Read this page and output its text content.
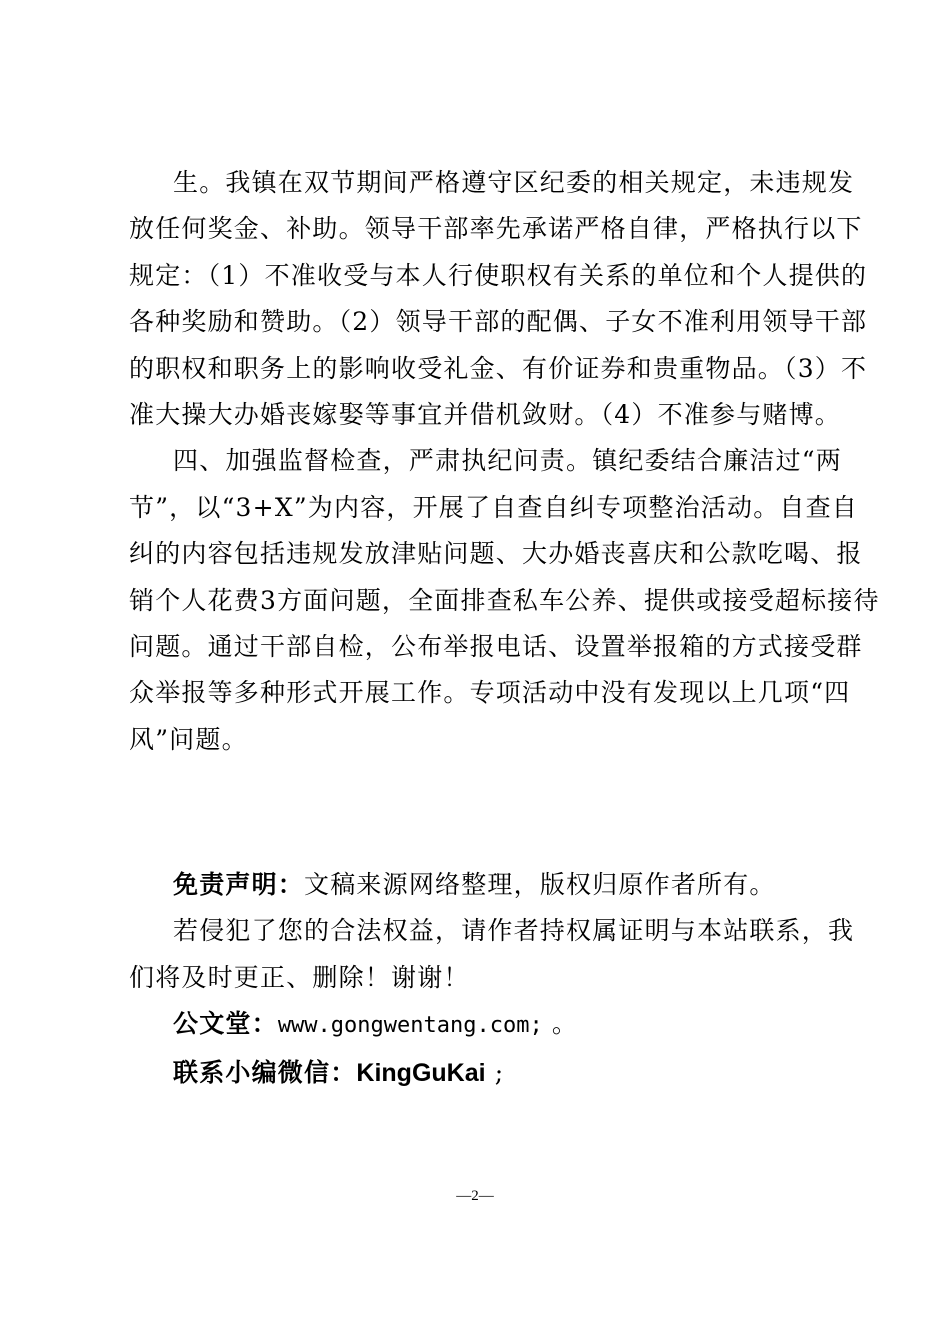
生。我镇在双节期间严格遵守区纪委的相关规定，未违规发
放任何奖金、补助。领导干部率先承诺严格自律，严格执行以下
规定：（1）不准收受与本人行使职权有关系的单位和个人提供的
各种奖励和赞助。（2）领导干部的配偶、子女不准利用领导干部
的职权和职务上的影响收受礼金、有价证券和贵重物品。（3）不
准大操大办婚丧嫁娶等事宜并借机敛财。（4）不准参与赌博。

四、加强监督检查，严肃执纪问责。镇纪委结合廉洁过“两
节”，以“3+X”为内容，开展了自查自纠专项整治活动。自查自
纠的内容包括违规发放津贴问题、大办婚丧喜庆和公款吃喝、报
销个人花费3方面问题，全面排查私车公养、提供或接受超标接待
问题。通过干部自检，公布举报电话、设置举报箱的方式接受群
众举报等多种形式开展工作。专项活动中没有发现以上几项“四
风”问题。

免责声明：文稿来源网络整理，版权归原作者所有。
若侵犯了您的合法权益，请作者持权属证明与本站联系，我
们将及时更正、删除！谢谢！
公文堂：www.gongwentang.com; 。
联系小编微信：KingGuKai ;
—2—
